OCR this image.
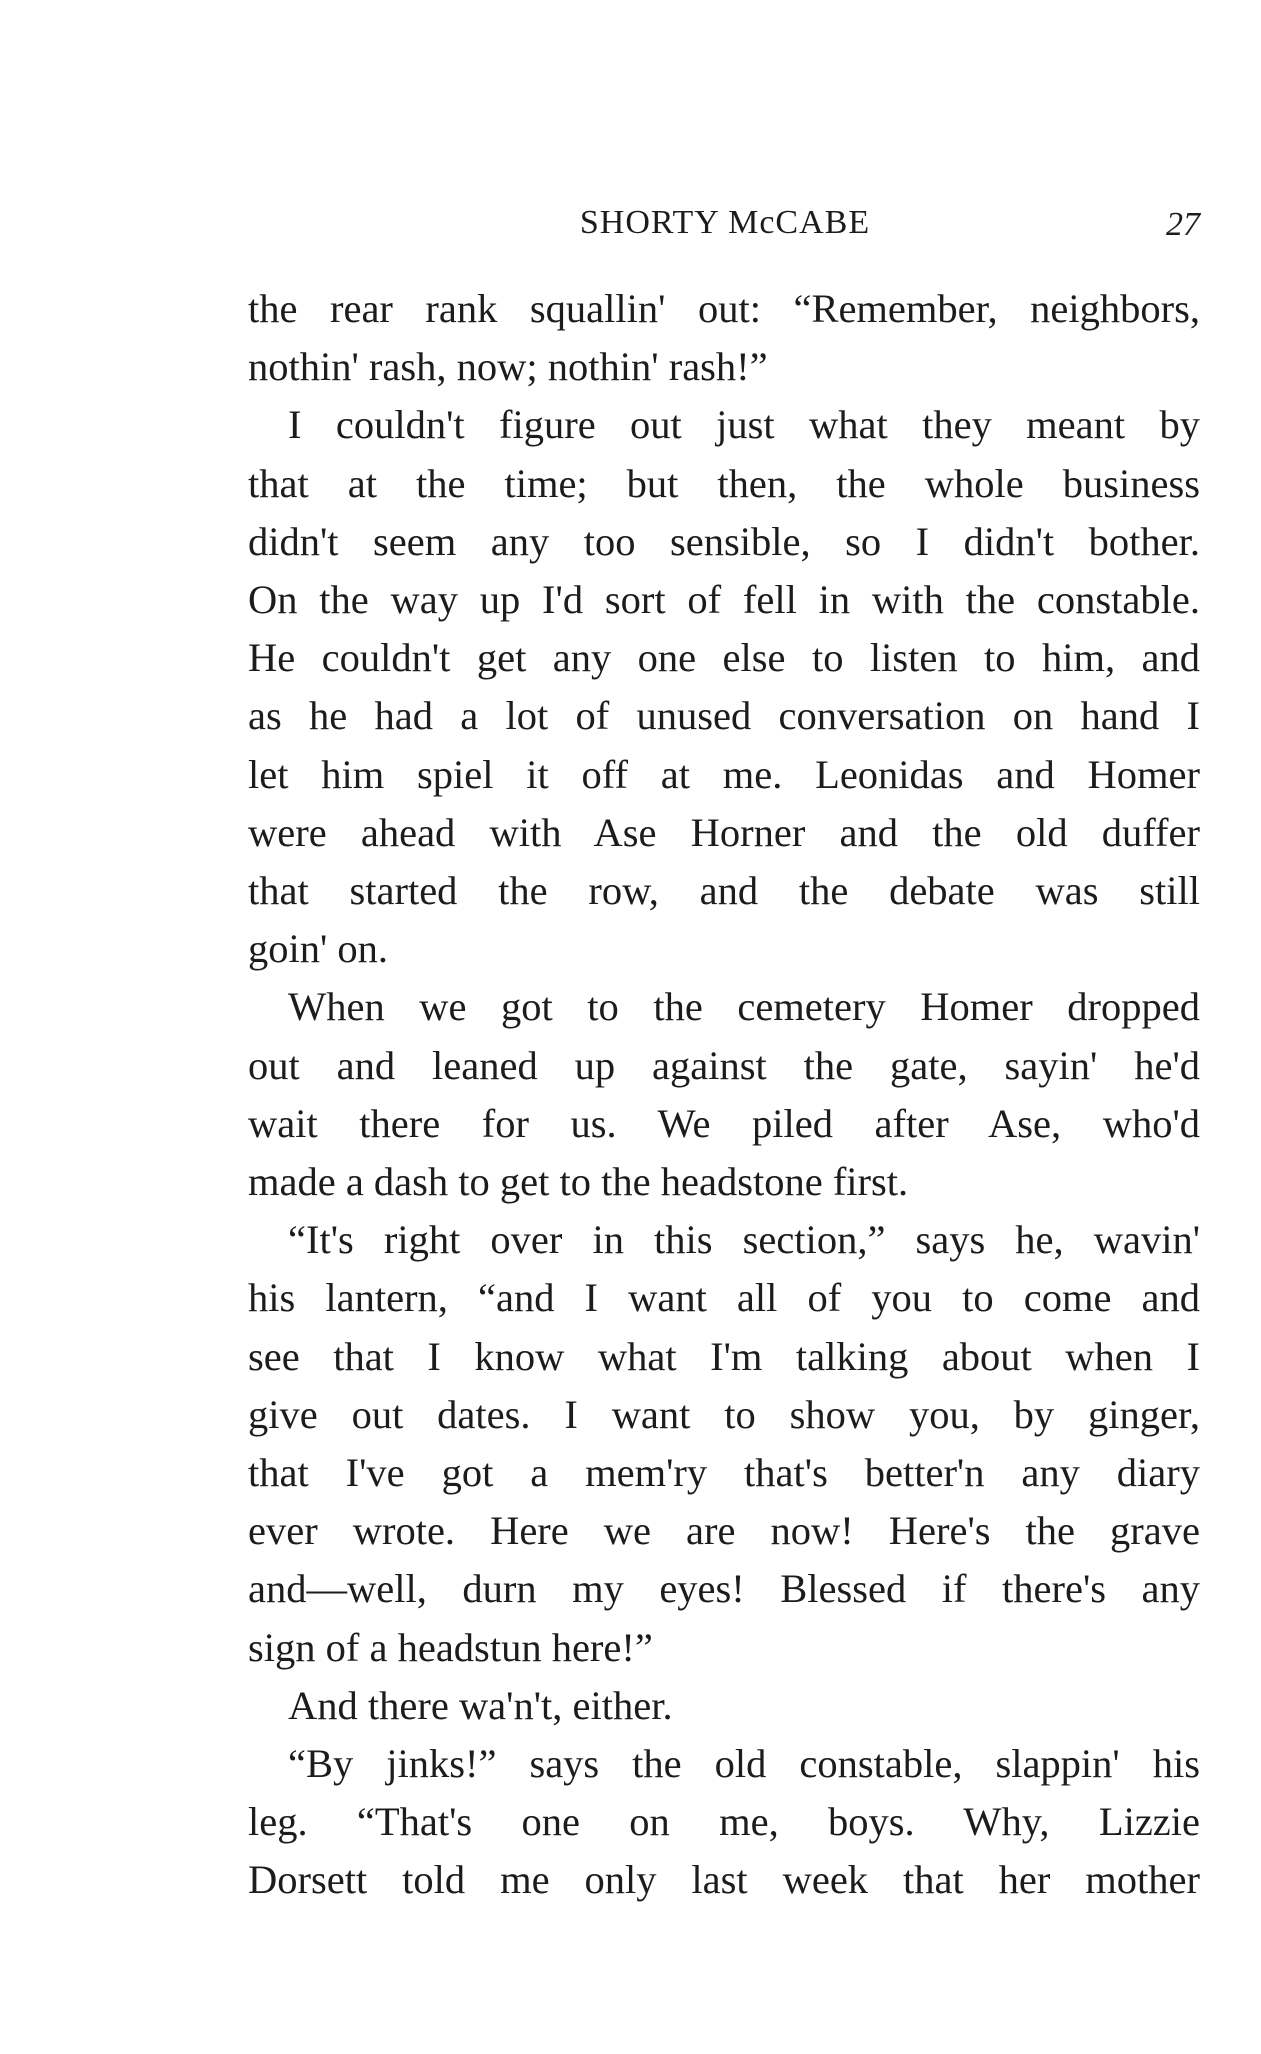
SHORTY McCABE	27

the rear rank squallin' out: “Remember, neighbors,
nothin' rash, now; nothin' rash!”

I couldn't figure out just what they meant by
that at the time; but then, the whole business
didn't seem any too sensible, so I didn't bother.
On the way up I'd sort of fell in with the constable.
He couldn't get any one else to listen to him, and
as he had a lot of unused conversation on hand I
let him spiel it off at me. Leonidas and Homer
were ahead with Ase Horner and the old duffer
that started the row, and the debate was still
goin' on.

When we got to the cemetery Homer dropped
out and leaned up against the gate, sayin' he'd
wait there for us. We piled after Ase, who'd
made a dash to get to the headstone first.

“It's right over in this section,” says he, wavin'
his lantern, “and I want all of you to come and
see that I know what I'm talking about when I
give out dates. I want to show you, by ginger,
that I've got a mem'ry that's better'n any diary
ever wrote. Here we are now! Here's the grave
and—well, durn my eyes! Blessed if there's any
sign of a headstun here!”

And there wa'n't, either.

“By jinks!” says the old constable, slappin' his
leg. “That's one on me, boys. Why, Lizzie
Dorsett told me only last week that her mother
